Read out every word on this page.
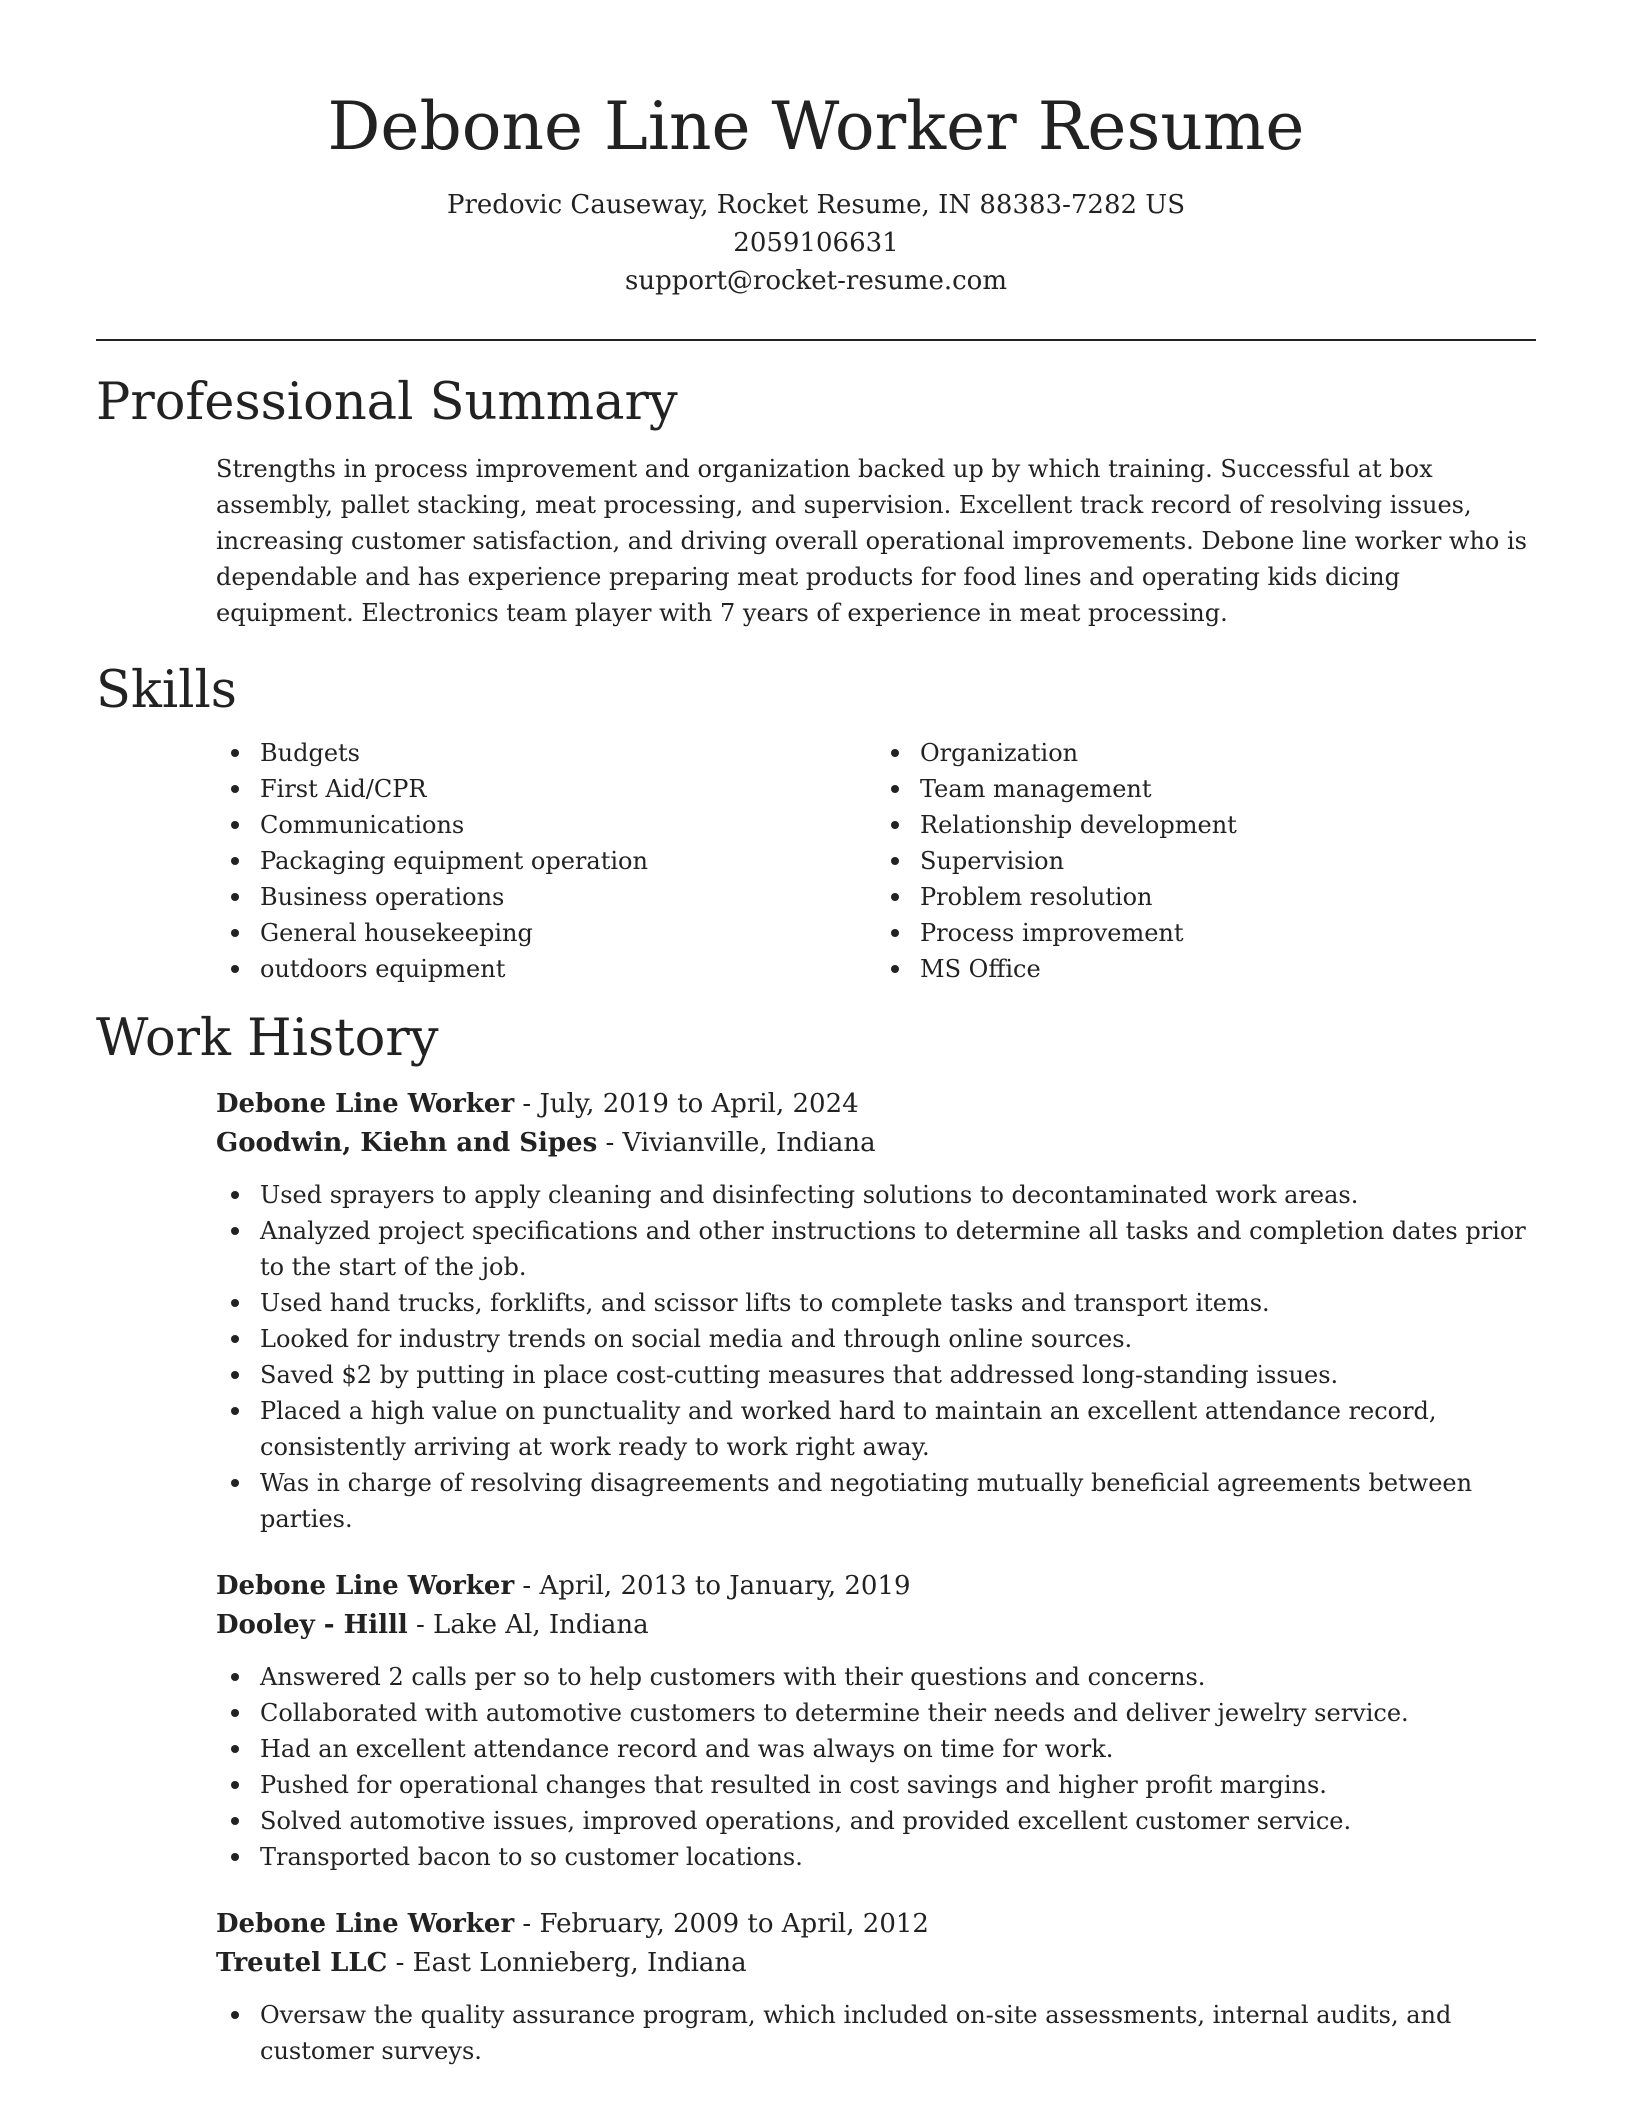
Debone Line Worker Resume
Predovic Causeway, Rocket Resume, IN 88383-7282 US
2059106631
support@rocket-resume.com
Professional Summary

Strengths in process improvement and organization backed up by which training. Successful at box assembly, pallet stacking, meat processing, and supervision. Excellent track record of resolving issues, increasing customer satisfaction, and driving overall operational improvements. Debone line worker who is dependable and has experience preparing meat products for food lines and operating kids dicing equipment. Electronics team player with 7 years of experience in meat processing.

Skills
Budgets
First Aid/CPR
Communications
Packaging equipment operation
Business operations
General housekeeping
outdoors equipment
Organization
Team management
Relationship development
Supervision
Problem resolution
Process improvement
MS Office
Work History
Debone Line Worker - July, 2019 to April, 2024
Goodwin, Kiehn and Sipes - Vivianville, Indiana
Used sprayers to apply cleaning and disinfecting solutions to decontaminated work areas.
Analyzed project specifications and other instructions to determine all tasks and completion dates prior to the start of the job.
Used hand trucks, forklifts, and scissor lifts to complete tasks and transport items.
Looked for industry trends on social media and through online sources.
Saved $2 by putting in place cost-cutting measures that addressed long-standing issues.
Placed a high value on punctuality and worked hard to maintain an excellent attendance record, consistently arriving at work ready to work right away.
Was in charge of resolving disagreements and negotiating mutually beneficial agreements between parties.
Debone Line Worker - April, 2013 to January, 2019
Dooley - Hilll - Lake Al, Indiana
Answered 2 calls per so to help customers with their questions and concerns.
Collaborated with automotive customers to determine their needs and deliver jewelry service.
Had an excellent attendance record and was always on time for work.
Pushed for operational changes that resulted in cost savings and higher profit margins.
Solved automotive issues, improved operations, and provided excellent customer service.
Transported bacon to so customer locations.
Debone Line Worker - February, 2009 to April, 2012
Treutel LLC - East Lonnieberg, Indiana
Oversaw the quality assurance program, which included on-site assessments, internal audits, and customer surveys.
